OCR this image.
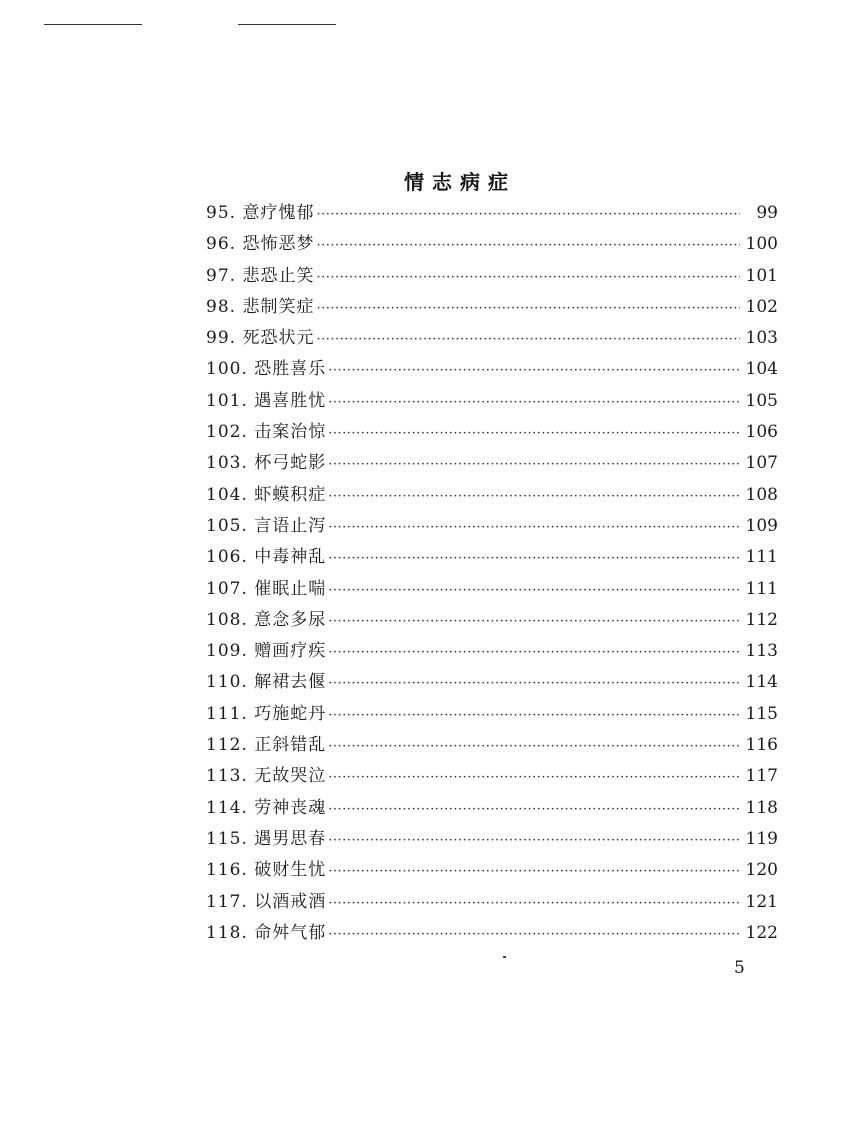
情志病症
95. 意疗愧郁 ·····	99
96. 恐怖恶梦 ·····	100
97. 悲恐止笑 ·····	101
98. 悲制笑症 ·····	102
99. 死恐状元 ·····	103
100. 恐胜喜乐 ·····	104
101. 遇喜胜忧 ·····	105
102. 击案治惊 ·····	106
103. 杯弓蛇影 ·····	107
104. 虾蟆积症 ·····	108
105. 言语止泻 ·····	109
106. 中毒神乱 ·····	111
107. 催眠止喘 ·····	111
108. 意念多尿 ·····	112
109. 赠画疗疾 ·····	113
110. 解裙去偃 ·····	114
111. 巧施蛇丹 ·····	115
112. 正斜错乱 ·····	116
113. 无故哭泣 ·····	117
114. 劳神丧魂 ·····	118
115. 遇男思春 ·····	119
116. 破财生忧 ·····	120
117. 以酒戒酒 ·····	121
118. 命舛气郁 ·····	122
5
